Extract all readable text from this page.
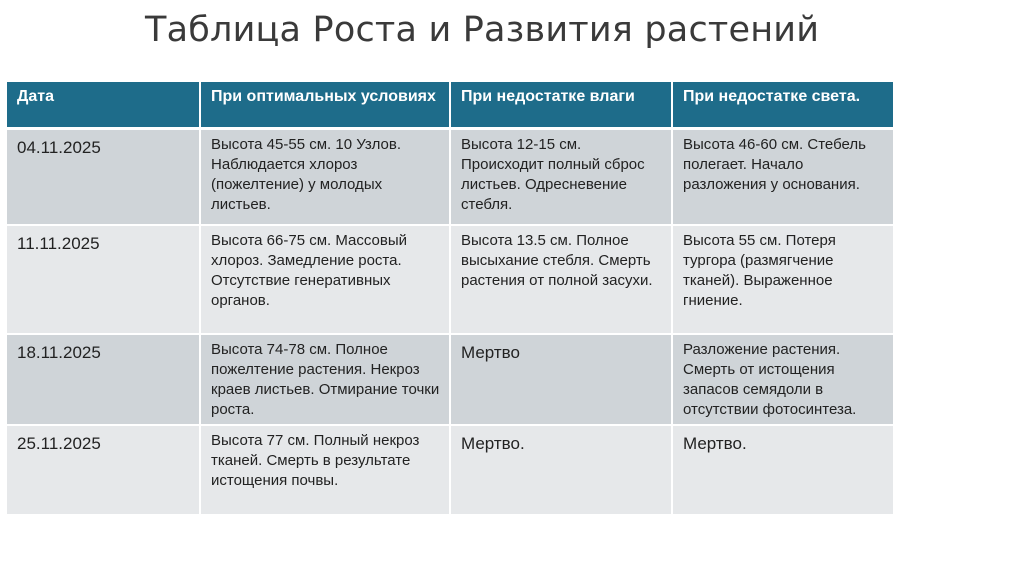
Таблица Роста и Развития растений
Дата	При оптимальных условиях	При недостатке влаги	При недостатке света.
04.11.2025	Высота 45-55 см. 10 Узлов. Наблюдается хлороз (пожелтение) у молодых листьев.	Высота 12-15 см. Происходит полный сброс листьев. Одресневение стебля.	Высота 46-60 см. Стебель полегает. Начало разложения у основания.
11.11.2025	Высота 66-75 см. Массовый хлороз. Замедление роста. Отсутствие генеративных органов.	Высота 13.5 см. Полное высыхание стебля. Смерть растения от полной засухи.	Высота 55 см. Потеря тургора (размягчение тканей). Выраженное гниение.
18.11.2025	Высота 74-78 см. Полное пожелтение растения. Некроз краев листьев. Отмирание точки роста.	Мертво	Разложение растения. Смерть от истощения запасов семядоли в отсутствии фотосинтеза.
25.11.2025	Высота 77 см. Полный некроз тканей. Смерть в результате истощения почвы.	Мертво.	Мертво.
